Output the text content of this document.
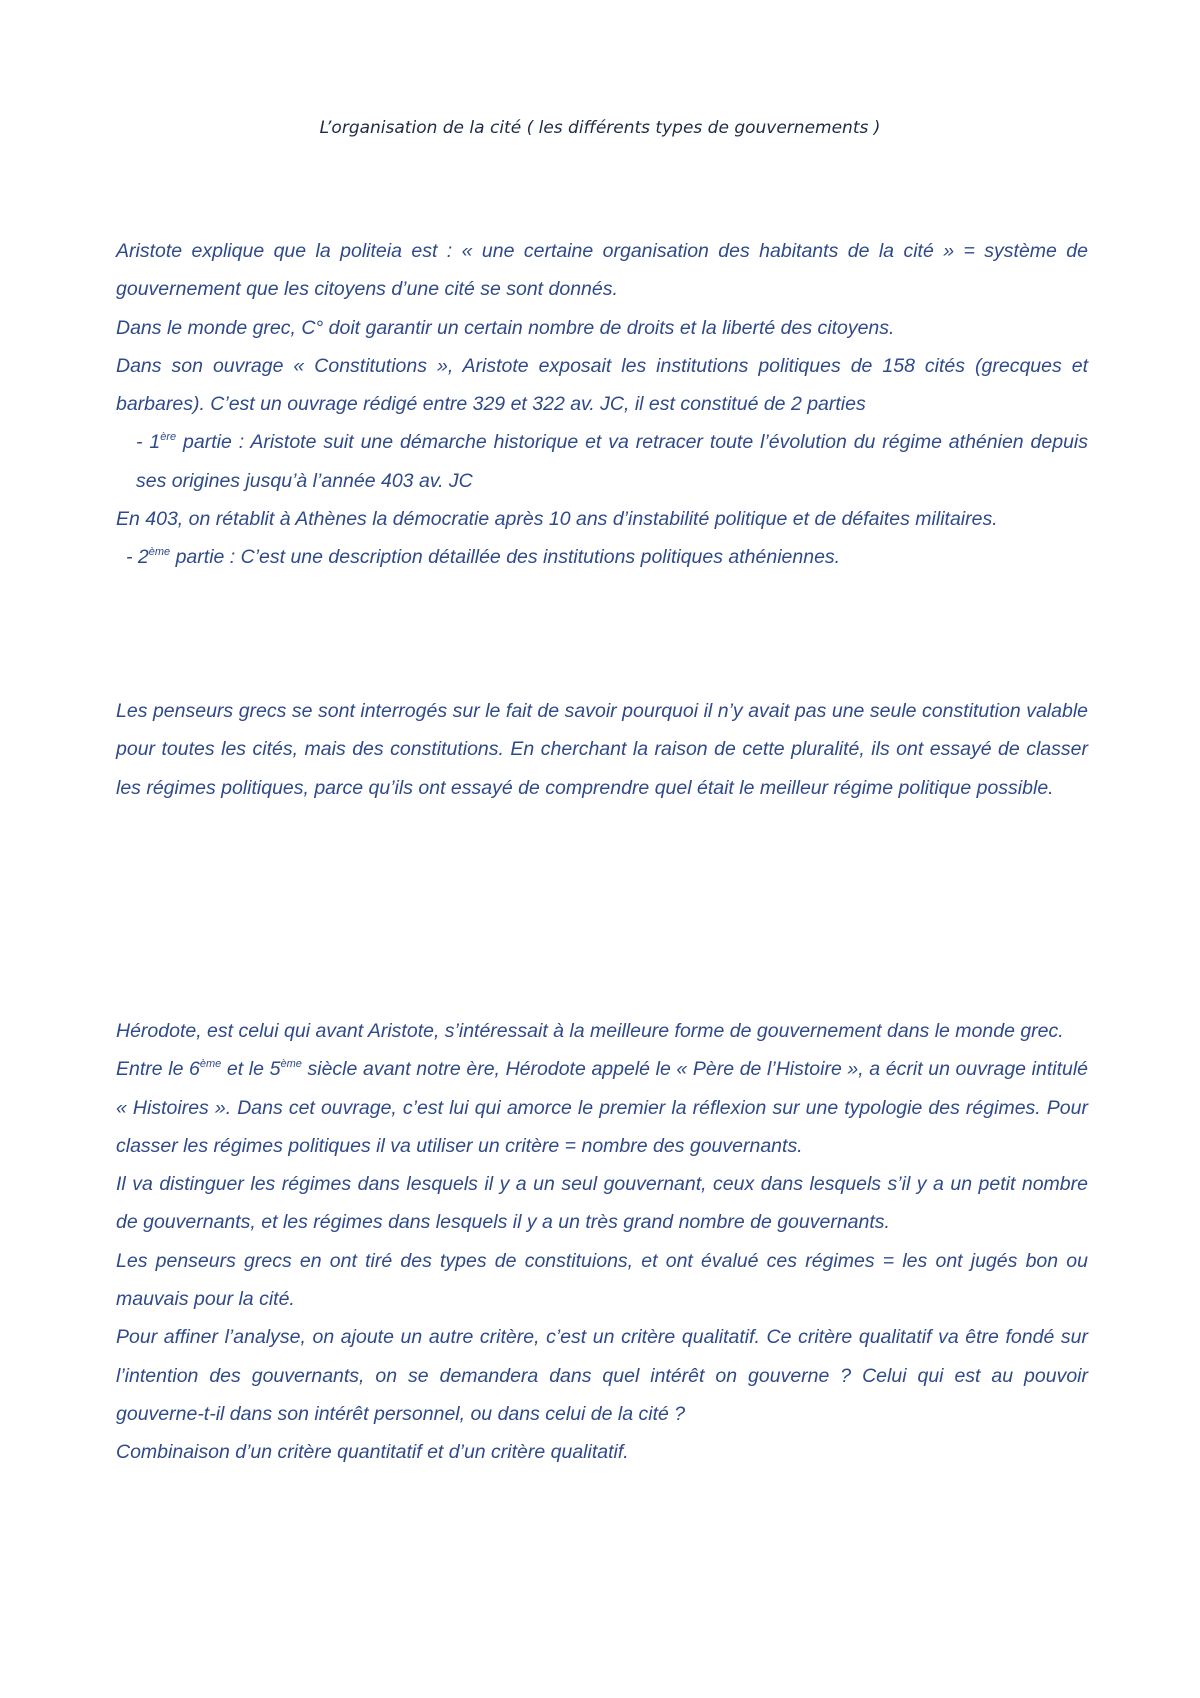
L’organisation de la cité ( les différents types de gouvernements )

Aristote explique que la politeia est : « une certaine organisation des habitants de la cité » = système de gouvernement que les citoyens d’une cité se sont donnés.

Dans le monde grec, C° doit garantir un certain nombre de droits et la liberté des citoyens.

Dans son ouvrage « Constitutions », Aristote exposait les institutions politiques de 158 cités (grecques et barbares). C’est un ouvrage rédigé entre 329 et 322 av. JC, il est constitué de 2 parties

- 1ère partie : Aristote suit une démarche historique et va retracer toute l’évolution du régime athénien depuis ses origines jusqu’à l’année 403 av. JC

En 403, on rétablit à Athènes la démocratie après 10 ans d’instabilité politique et de défaites militaires.

- 2ème partie : C’est une description détaillée des institutions politiques athéniennes.

Les penseurs grecs se sont interrogés sur le fait de savoir pourquoi il n’y avait pas une seule constitution valable pour toutes les cités, mais des constitutions. En cherchant la raison de cette pluralité, ils ont essayé de classer les régimes politiques, parce qu’ils ont essayé de comprendre quel était le meilleur régime politique possible.

Hérodote, est celui qui avant Aristote, s’intéressait à la meilleure forme de gouvernement dans le monde grec.

Entre le 6ème et le 5ème siècle avant notre ère, Hérodote appelé le « Père de l’Histoire », a écrit un ouvrage intitulé « Histoires ». Dans cet ouvrage, c’est lui qui amorce le premier la réflexion sur une typologie des régimes. Pour classer les régimes politiques il va utiliser un critère = nombre des gouvernants.

Il va distinguer les régimes dans lesquels il y a un seul gouvernant, ceux dans lesquels s’il y a un petit nombre de gouvernants, et les régimes dans lesquels il y a un très grand nombre de gouvernants.

Les penseurs grecs en ont tiré des types de constituions, et ont évalué ces régimes = les ont jugés bon ou mauvais pour la cité.

Pour affiner l’analyse, on ajoute un autre critère, c’est un critère qualitatif. Ce critère qualitatif va être fondé sur l’intention des gouvernants, on se demandera dans quel intérêt on gouverne ? Celui qui est au pouvoir gouverne-t-il dans son intérêt personnel, ou dans celui de la cité ?

Combinaison d’un critère quantitatif et d’un critère qualitatif.
